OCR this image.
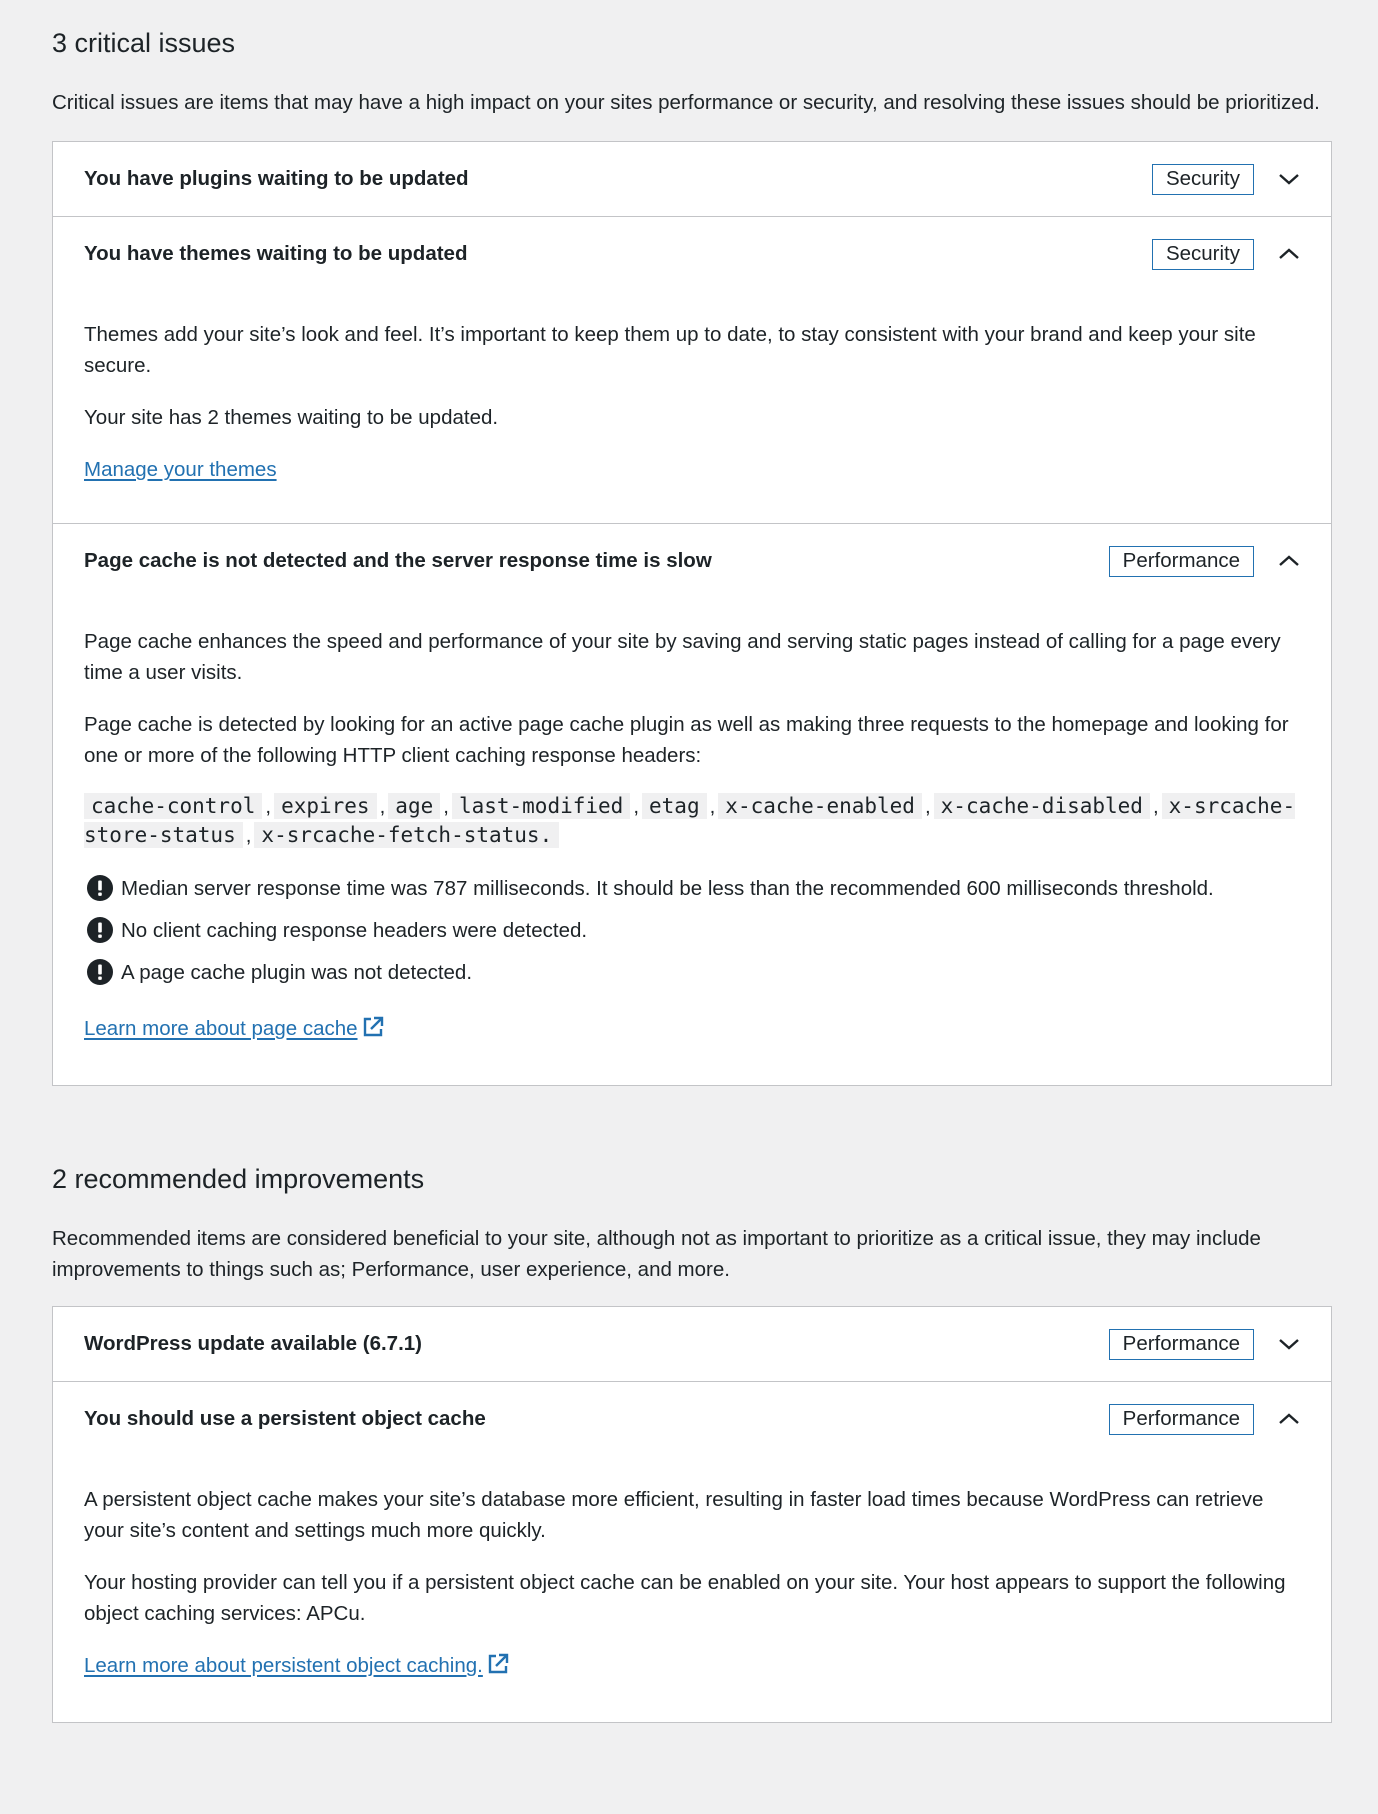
3 critical issues

Critical issues are items that may have a high impact on your sites performance or security, and resolving these issues should be prioritized.

You have plugins waiting to be updated	Security
You have themes waiting to be updated	Security

Themes add your site’s look and feel. It’s important to keep them up to date, to stay consistent with your brand and keep your site secure.

Your site has 2 themes waiting to be updated.

Manage your themes

Page cache is not detected and the server response time is slow	Performance

Page cache enhances the speed and performance of your site by saving and serving static pages instead of calling for a page every time a user visits.

Page cache is detected by looking for an active page cache plugin as well as making three requests to the homepage and looking for one or more of the following HTTP client caching response headers:

cache-control , expires , age , last-modified , etag , x-cache-enabled , x-cache-disabled , x-srcache-store-status , x-srcache-fetch-status.
Median server response time was 787 milliseconds. It should be less than the recommended 600 milliseconds threshold.
No client caching response headers were detected.
A page cache plugin was not detected.

Learn more about page cache

2 recommended improvements

Recommended items are considered beneficial to your site, although not as important to prioritize as a critical issue, they may include improvements to things such as; Performance, user experience, and more.

WordPress update available (6.7.1)	Performance
You should use a persistent object cache	Performance

A persistent object cache makes your site’s database more efficient, resulting in faster load times because WordPress can retrieve your site’s content and settings much more quickly.

Your hosting provider can tell you if a persistent object cache can be enabled on your site. Your host appears to support the following object caching services: APCu.

Learn more about persistent object caching.
